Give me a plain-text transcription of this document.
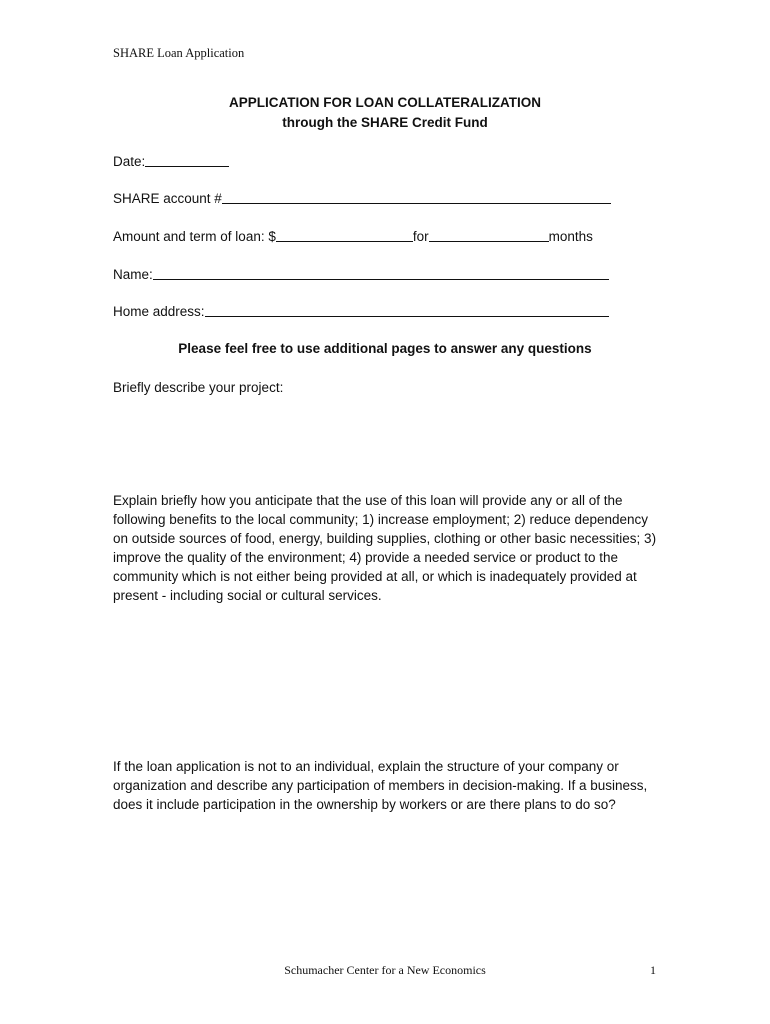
SHARE Loan Application
APPLICATION FOR LOAN COLLATERALIZATION
through the SHARE Credit Fund
Date:
SHARE account #
Amount and term of loan: $	for	months
Name:
Home address:
Please feel free to use additional pages to answer any questions
Briefly describe your project:
Explain briefly how you anticipate that the use of this loan will provide any or all of the following benefits to the local community; 1) increase employment; 2) reduce dependency on outside sources of food, energy, building supplies, clothing or other basic necessities; 3) improve the quality of the environment; 4) provide a needed service or product to the community which is not either being provided at all, or which is inadequately provided at present - including social or cultural services.
If the loan application is not to an individual, explain the structure of your company or organization and describe any participation of members in decision-making. If a business, does it include participation in the ownership by workers or are there plans to do so?
Schumacher Center for a New Economics	1
